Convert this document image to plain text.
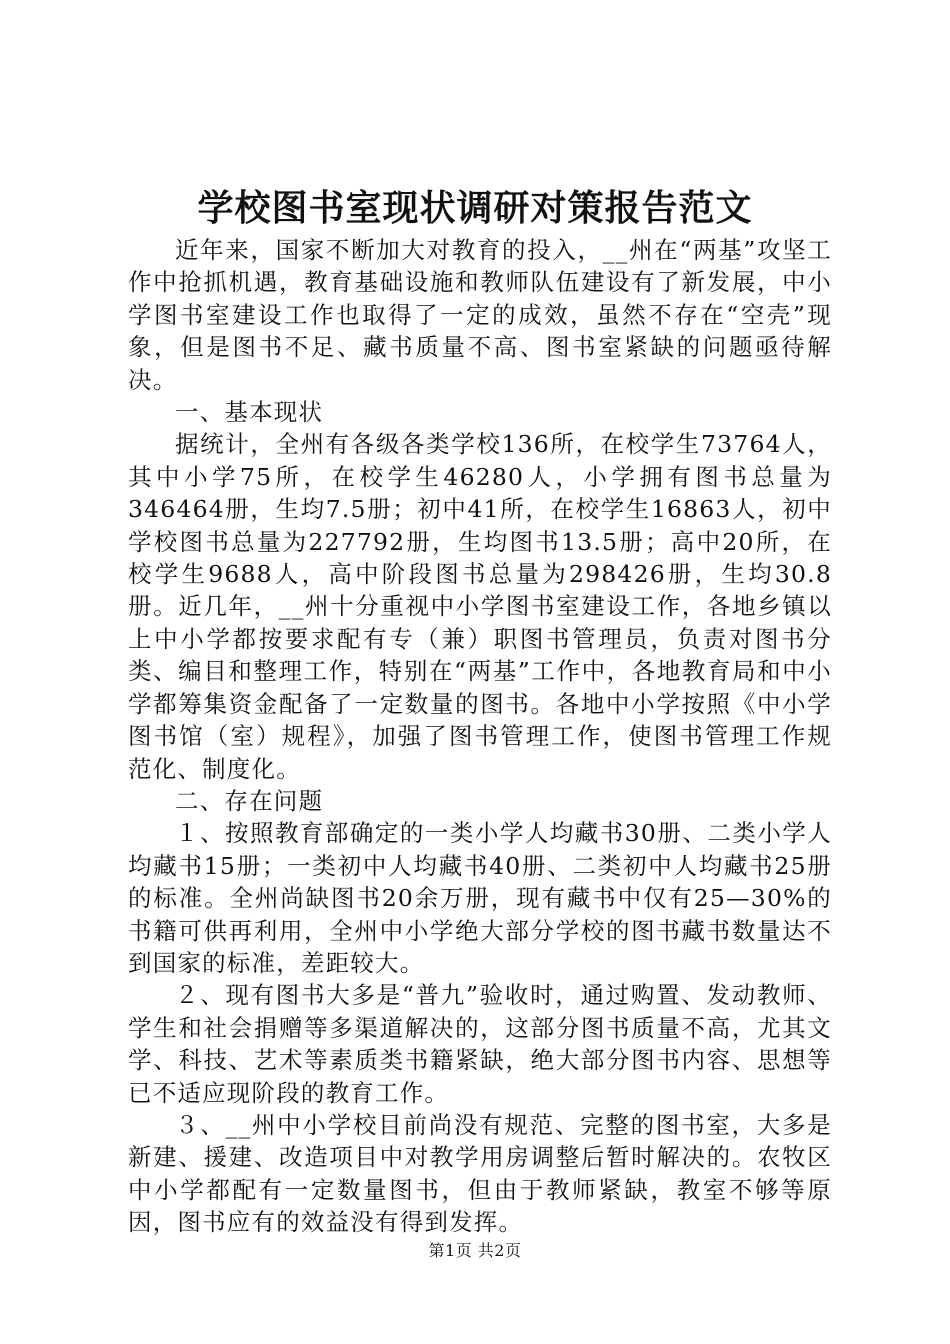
学校图书室现状调研对策报告范文

近年来，国家不断加大对教育的投入，__州在“两基”攻坚工作中抢抓机遇，教育基础设施和教师队伍建设有了新发展，中小学图书室建设工作也取得了一定的成效，虽然不存在“空壳”现象，但是图书不足、藏书质量不高、图书室紧缺的问题亟待解决。

一、基本现状

据统计，全州有各级各类学校136所，在校学生73764人，其中小学75所，在校学生46280人，小学拥有图书总量为346464册，生均7.5册；初中41所，在校学生16863人，初中学校图书总量为227792册，生均图书13.5册；高中20所，在校学生9688人，高中阶段图书总量为298426册，生均30.8册。近几年，__州十分重视中小学图书室建设工作，各地乡镇以上中小学都按要求配有专（兼）职图书管理员，负责对图书分类、编目和整理工作，特别在“两基”工作中，各地教育局和中小学都筹集资金配备了一定数量的图书。各地中小学按照《中小学图书馆（室）规程》，加强了图书管理工作，使图书管理工作规范化、制度化。

二、存在问题

１、按照教育部确定的一类小学人均藏书30册、二类小学人均藏书15册；一类初中人均藏书40册、二类初中人均藏书25册的标准。全州尚缺图书20余万册，现有藏书中仅有25—30%的书籍可供再利用，全州中小学绝大部分学校的图书藏书数量达不到国家的标准，差距较大。

２、现有图书大多是“普九”验收时，通过购置、发动教师、学生和社会捐赠等多渠道解决的，这部分图书质量不高，尤其文学、科技、艺术等素质类书籍紧缺，绝大部分图书内容、思想等已不适应现阶段的教育工作。

３、__州中小学校目前尚没有规范、完整的图书室，大多是新建、援建、改造项目中对教学用房调整后暂时解决的。农牧区中小学都配有一定数量图书，但由于教师紧缺，教室不够等原因，图书应有的效益没有得到发挥。

第1页 共2页
